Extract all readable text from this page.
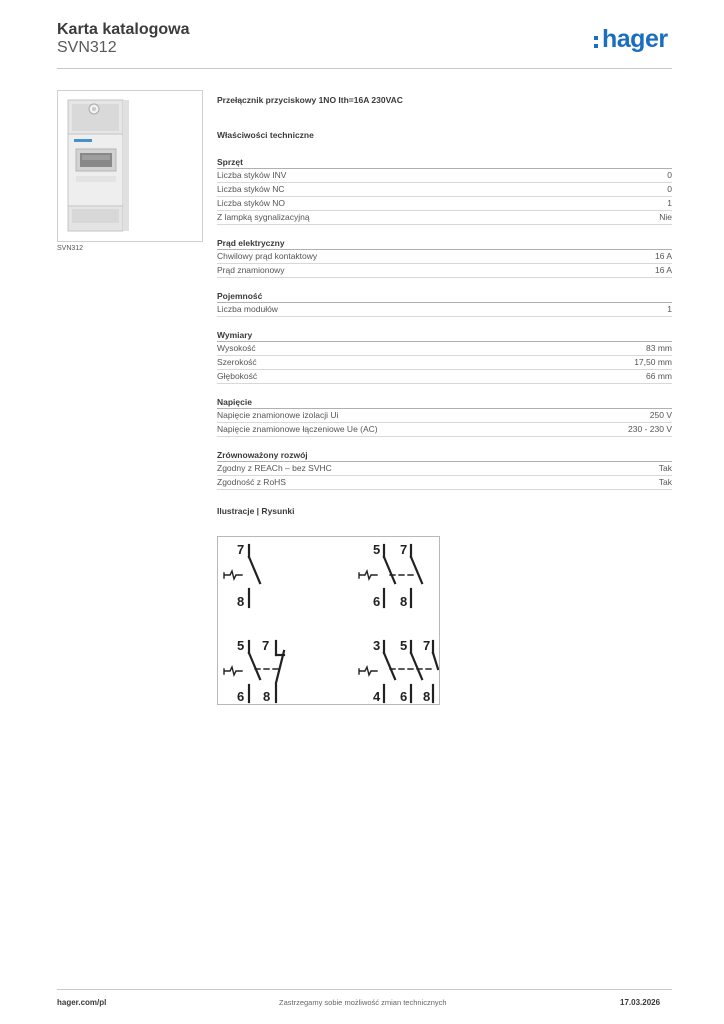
Karta katalogowa
SVN312	hager
SVN312
Przełącznik przyciskowy 1NO Ith=16A 230VAC
Właściwości techniczne
Sprzęt
Liczba styków INV	0
Liczba styków NC	0
Liczba styków NO	1
Z lampką sygnalizacyjną	Nie
Prąd elektryczny
Chwilowy prąd kontaktowy	16 A
Prąd znamionowy	16 A
Pojemność
Liczba modułów	1
Wymiary
Wysokość	83 mm
Szerokość	17,50 mm
Głębokość	66 mm
Napięcie
Napięcie znamionowe izolacji Ui	250 V
Napięcie znamionowe łączeniowe Ue (AC)	230 - 230 V
Zrównoważony rozwój
Zgodny z REACh – bez SVHC	Tak
Zgodność z RoHS	Tak
Ilustracje | Rysunki
7
8
5 7
6 8
5 7
6 8
3 5 7
4 6 8
hager.com/pl	Zastrzegamy sobie możliwość zmian technicznych	17.03.2026
